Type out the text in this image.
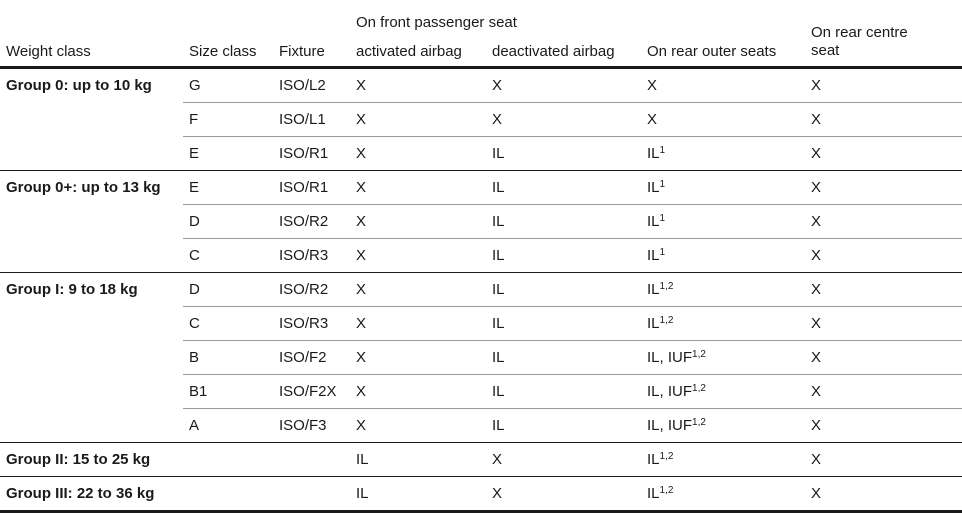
			On front passenger seat			On rear centre
seat
Weight class	Size class	Fixture	activated airbag	deactivated airbag	On rear outer seats	
Group 0: up to 10 kg	G	ISO/L2	X	X	X	X
	F	ISO/L1	X	X	X	X
	E	ISO/R1	X	IL	$IL^1$	X
Group 0+: up to 13 kg	E	ISO/R1	X	IL	$IL^1$	X
	D	ISO/R2	X	IL	$IL^1$	X
	C	ISO/R3	X	IL	$IL^1$	X
Group I: 9 to 18 kg	D	ISO/R2	X	IL	IL$^{1,2}$	X
	C	ISO/R3	X	IL	IL$^{1,2}$	X
	B	ISO/F2	X	IL	IL, IUF$^{1,2}$	X
	B1	ISO/F2X	X	IL	IL, IUF$^{1,2}$	X
	A	ISO/F3	X	IL	IL, IUF$^{1,2}$	X
Group II: 15 to 25 kg			IL	X	IL$^{1,2}$	X
Group III: 22 to 36 kg			IL	X	IL$^{1,2}$	X
